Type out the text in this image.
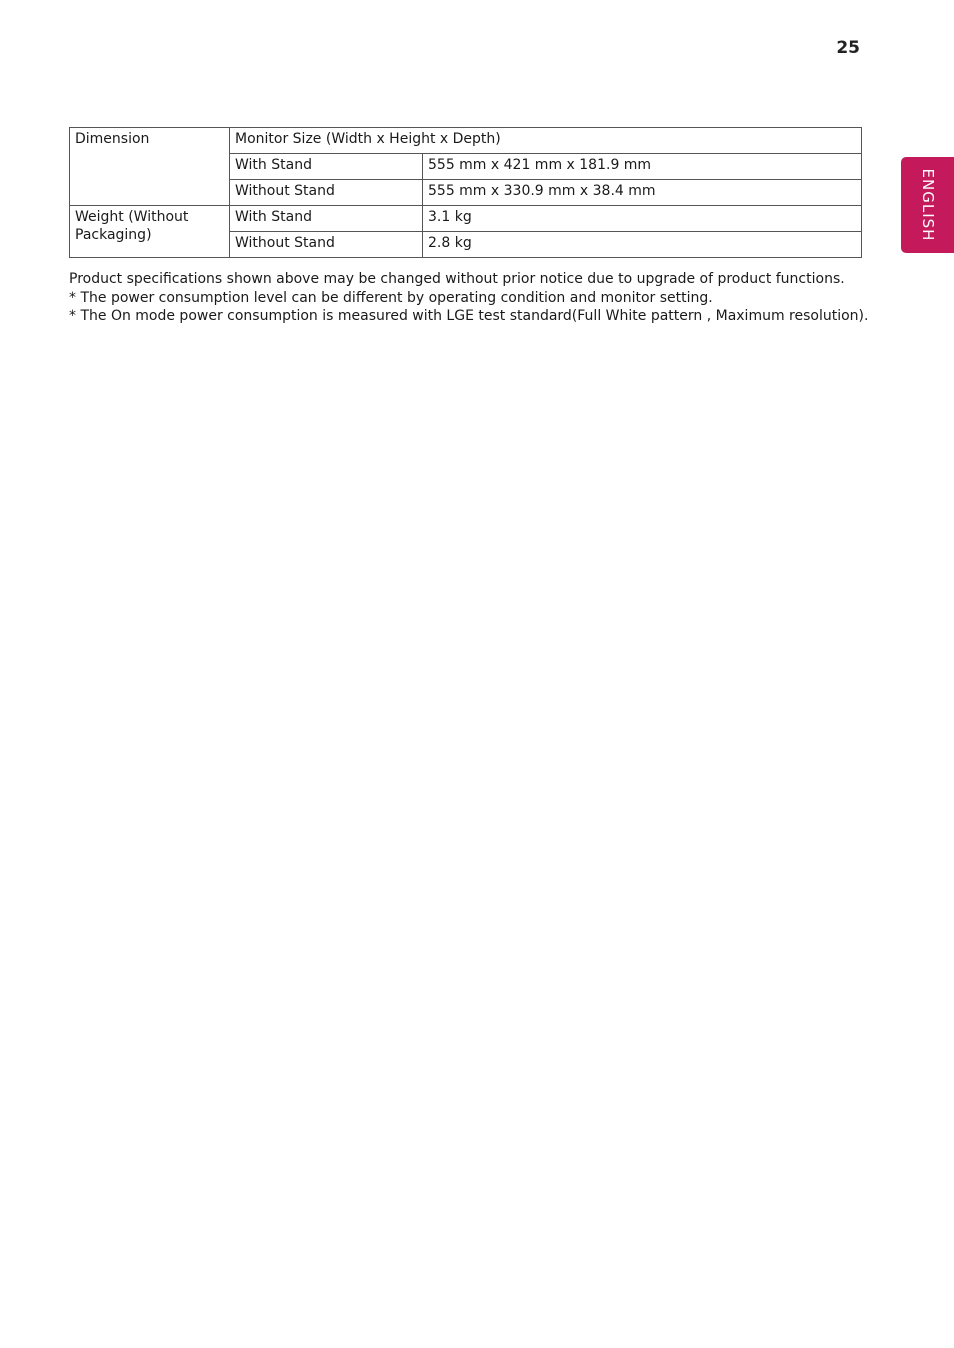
25
ENGLISH
Dimension	Monitor Size (Width x Height x Depth)	
	With Stand	555 mm x 421 mm x 181.9 mm
	Without Stand	555 mm x 330.9 mm x 38.4 mm
Weight (Without Packaging)	With Stand	3.1 kg
	Without Stand	2.8 kg

Product specifications shown above may be changed without prior notice due to upgrade of product functions.

* The power consumption level can be different by operating condition and monitor setting.

* The On mode power consumption is measured with LGE test standard(Full White pattern , Maximum resolution).
